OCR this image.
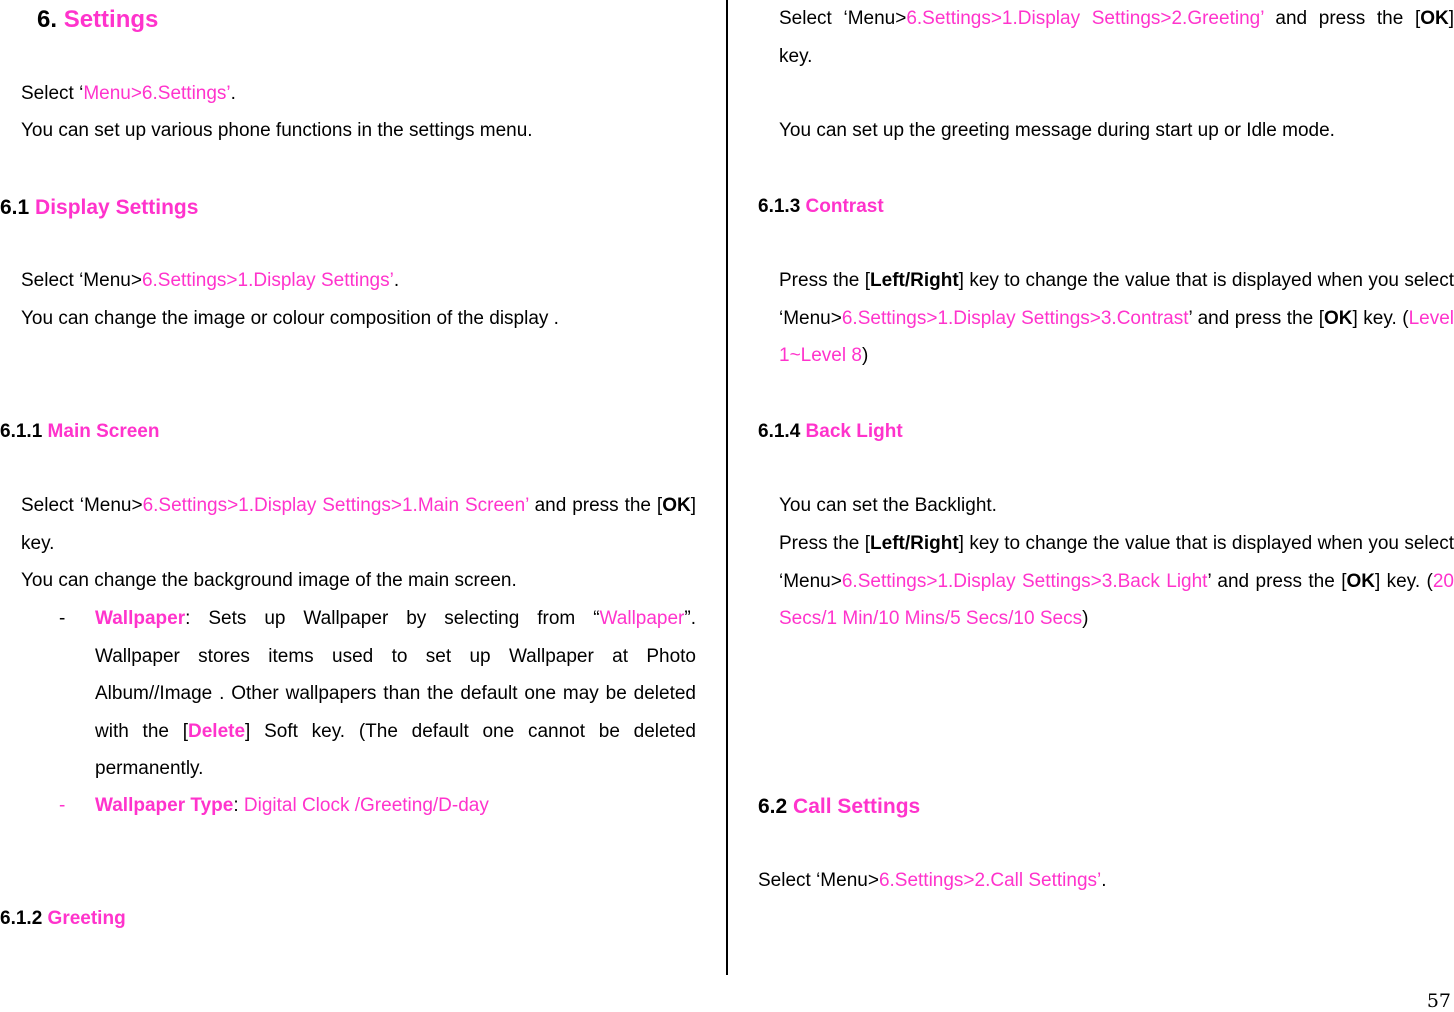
6. Settings
Select ‘Menu>6.Settings’.
You can set up various phone functions in the settings menu.
6.1 Display Settings
Select ‘Menu>6.Settings>1.Display Settings’.
You can change the image or colour composition of the display .
6.1.1 Main Screen
Select ‘Menu>6.Settings>1.Display Settings>1.Main Screen’ and press the [OK] key.
You can change the background image of the main screen.
- Wallpaper: Sets up Wallpaper by selecting from “Wallpaper”. Wallpaper stores items used to set up Wallpaper at Photo Album//Image . Other wallpapers than the default one may be deleted with the [Delete] Soft key. (The default one cannot be deleted permanently.
- Wallpaper Type: Digital Clock /Greeting/D-day
6.1.2 Greeting
Select ‘Menu>6.Settings>1.Display Settings>2.Greeting’ and press the [OK] key.
You can set up the greeting message during start up or Idle mode.
6.1.3 Contrast
Press the [Left/Right] key to change the value that is displayed when you select ‘Menu>6.Settings>1.Display Settings>3.Contrast’ and press the [OK] key. (Level 1~Level 8)
6.1.4 Back Light
You can set the Backlight.
Press the [Left/Right] key to change the value that is displayed when you select ‘Menu>6.Settings>1.Display Settings>3.Back Light’ and press the [OK] key. (20 Secs/1 Min/10 Mins/5 Secs/10 Secs)
6.2 Call Settings
Select ‘Menu>6.Settings>2.Call Settings’.
57
